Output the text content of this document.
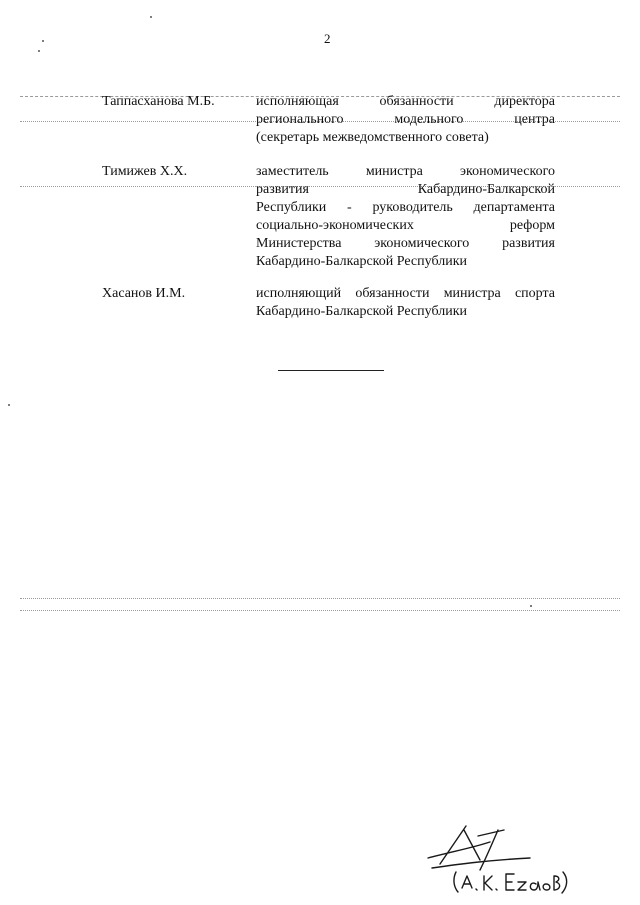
2
Таппасханова М.Б.	исполняющая обязанности директора
регионального модельного центра
(секретарь межведомственного совета)
Тимижев Х.Х.	заместитель министра экономического
развития Кабардино-Балкарской
Республики - руководитель департамента
социально-экономических реформ
Министерства экономического развития
Кабардино-Балкарской Республики
Хасанов И.М.	исполняющий обязанности министра спорта
Кабардино-Балкарской Республики
